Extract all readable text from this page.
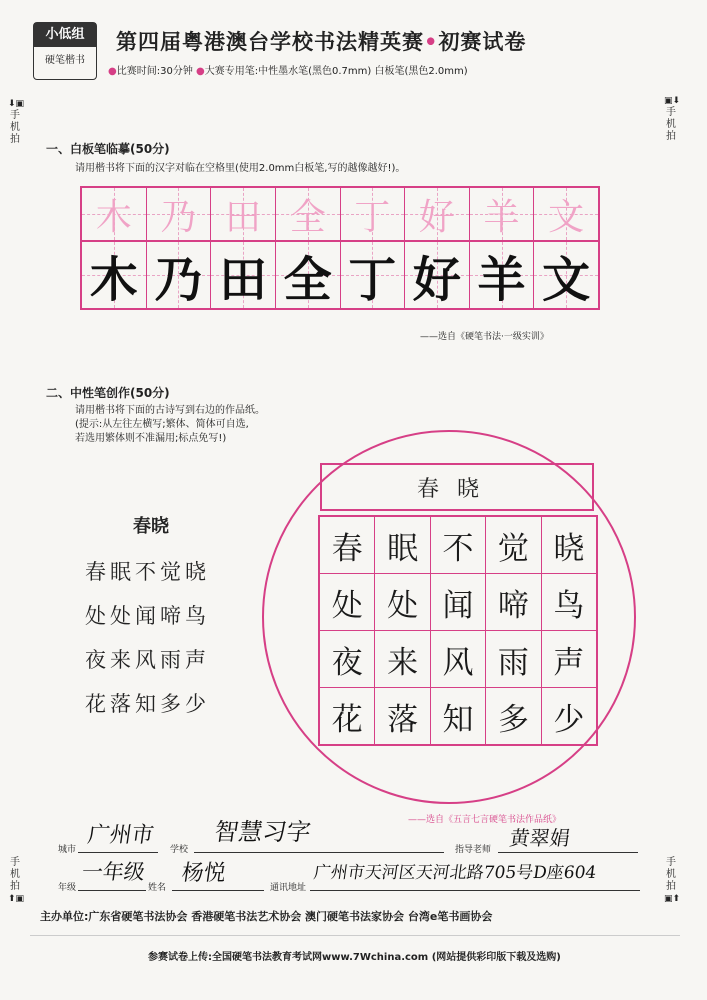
小低组
硬笔楷书
第四届粤港澳台学校书法精英赛•初赛试卷
●比赛时间:30分钟 ●大赛专用笔:中性墨水笔(黑色0.7mm) 白板笔(黑色2.0mm)
⬇▣
手机拍
▣⬇
手机拍
手机拍
⬆▣
手机拍
▣⬆
一、白板笔临摹(50分)
请用楷书将下面的汉字对临在空格里(使用2.0mm白板笔,写的越像越好!)。
木 乃 田 全 丁 好 羊 文
木 乃 田 全 丁 好 羊 文
——选自《硬笔书法·一级实训》
二、中性笔创作(50分)
请用楷书将下面的古诗写到右边的作品纸。
(提示:从左往左横写;繁体、简体可自选,
若选用繁体则不准漏用;标点免写!)
春晓
春眠不觉晓
处处闻啼鸟
夜来风雨声
花落知多少
春晓
春 眠 不 觉 晓
处 处 闻 啼 鸟
夜 来 风 雨 声
花 落 知 多 少
——选自《五言七言硬笔书法作品纸》
城市
广州市
学校
智慧习字
指导老师 黄翠娟
年级
一年级
姓名
杨悦
通讯地址
广州市天河区天河北路705号D座604
主办单位:广东省硬笔书法协会 香港硬笔书法艺术协会 澳门硬笔书法家协会 台湾e笔书画协会
参赛试卷上传:全国硬笔书法教育考试网www.7Wchina.com (网站提供彩印版下载及选购)
